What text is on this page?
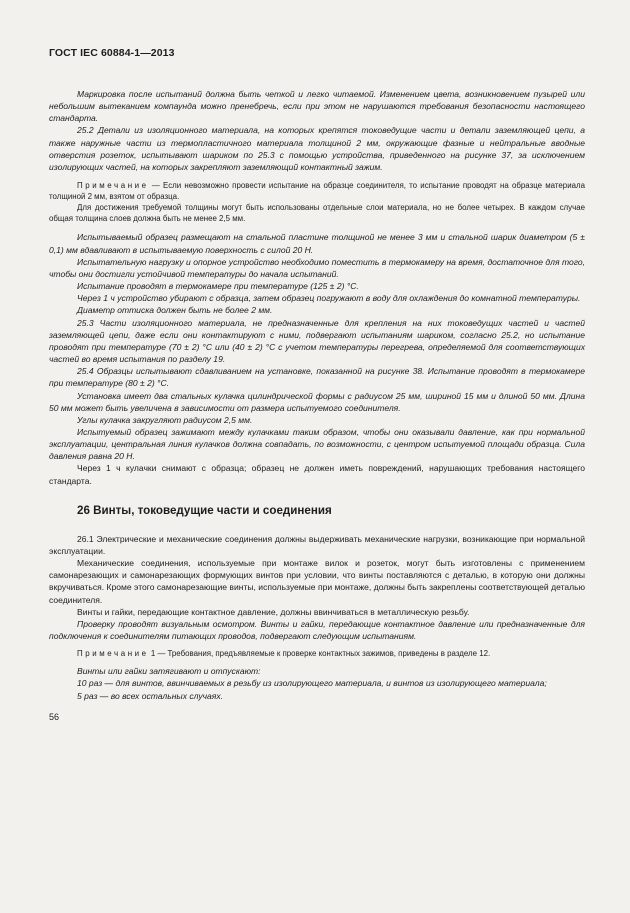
ГОСТ IEC 60884-1—2013

Маркировка после испытаний должна быть четкой и легко читаемой. Изменением цвета, возникновением пузырей или небольшим вытеканием компаунда можно пренебречь, если при этом не нарушаются требования безопасности настоящего стандарта.

25.2 Детали из изоляционного материала, на которых крепятся токоведущие части и детали заземляющей цепи, а также наружные части из термопластичного материала толщиной 2 мм, окружающие фазные и нейтральные вводные отверстия розеток, испытывают шариком по 25.3 с помощью устройства, приведенного на рисунке 37, за исключением изолирующих частей, на которых закрепляют заземляющий контактный зажим.

Примечание — Если невозможно провести испытание на образце соединителя, то испытание проводят на образце материала толщиной 2 мм, взятом от образца.

Для достижения требуемой толщины могут быть использованы отдельные слои материала, но не более четырех. В каждом случае общая толщина слоев должна быть не менее 2,5 мм.

Испытываемый образец размещают на стальной пластине толщиной не менее 3 мм и стальной шарик диаметром (5 ± 0,1) мм вдавливают в испытываемую поверхность с силой 20 Н.

Испытательную нагрузку и опорное устройство необходимо поместить в термокамеру на время, достаточное для того, чтобы они достигли устойчивой температуры до начала испытаний.

Испытание проводят в термокамере при температуре (125 ± 2) °С.

Через 1 ч устройство убирают с образца, затем образец погружают в воду для охлаждения до комнатной температуры.

Диаметр оттиска должен быть не более 2 мм.

25.3 Части изоляционного материала, не предназначенные для крепления на них токоведущих частей и частей заземляющей цепи, даже если они контактируют с ними, подвергают испытаниям шариком, согласно 25.2, но испытание проводят при температуре (70 ± 2) °С или (40 ± 2) °С с учетом температуры перегрева, определяемой для соответствующих частей во время испытания по разделу 19.

25.4 Образцы испытывают сдавливанием на установке, показанной на рисунке 38. Испытание проводят в термокамере при температуре (80 ± 2) °С.

Установка имеет два стальных кулачка цилиндрической формы с радиусом 25 мм, шириной 15 мм и длиной 50 мм. Длина 50 мм может быть увеличена в зависимости от размера испытуемого соединителя.

Углы кулачка закругляют радиусом 2,5 мм.

Испытуемый образец зажимают между кулачками таким образом, чтобы они оказывали давление, как при нормальной эксплуатации, центральная линия кулачков должна совпадать, по возможности, с центром испытуемой площади образца. Сила давления равна 20 Н.

Через 1 ч кулачки снимают с образца; образец не должен иметь повреждений, нарушающих требования настоящего стандарта.

26 Винты, токоведущие части и соединения

26.1 Электрические и механические соединения должны выдерживать механические нагрузки, возникающие при нормальной эксплуатации.

Механические соединения, используемые при монтаже вилок и розеток, могут быть изготовлены с применением самонарезающих и самонарезающих формующих винтов при условии, что винты поставляются с деталью, в которую они должны вкручиваться. Кроме этого самонарезающие винты, используемые при монтаже, должны быть закреплены соответствующей деталью соединителя.

Винты и гайки, передающие контактное давление, должны ввинчиваться в металлическую резьбу.

Проверку проводят визуальным осмотром. Винты и гайки, передающие контактное давление или предназначенные для подключения к соединителям питающих проводов, подвергают следующим испытаниям.

Примечание 1 — Требования, предъявляемые к проверке контактных зажимов, приведены в разделе 12.

Винты или гайки затягивают и отпускают:

10 раз — для винтов, ввинчиваемых в резьбу из изолирующего материала, и винтов из изолирующего материала;

5 раз — во всех остальных случаях.

56
